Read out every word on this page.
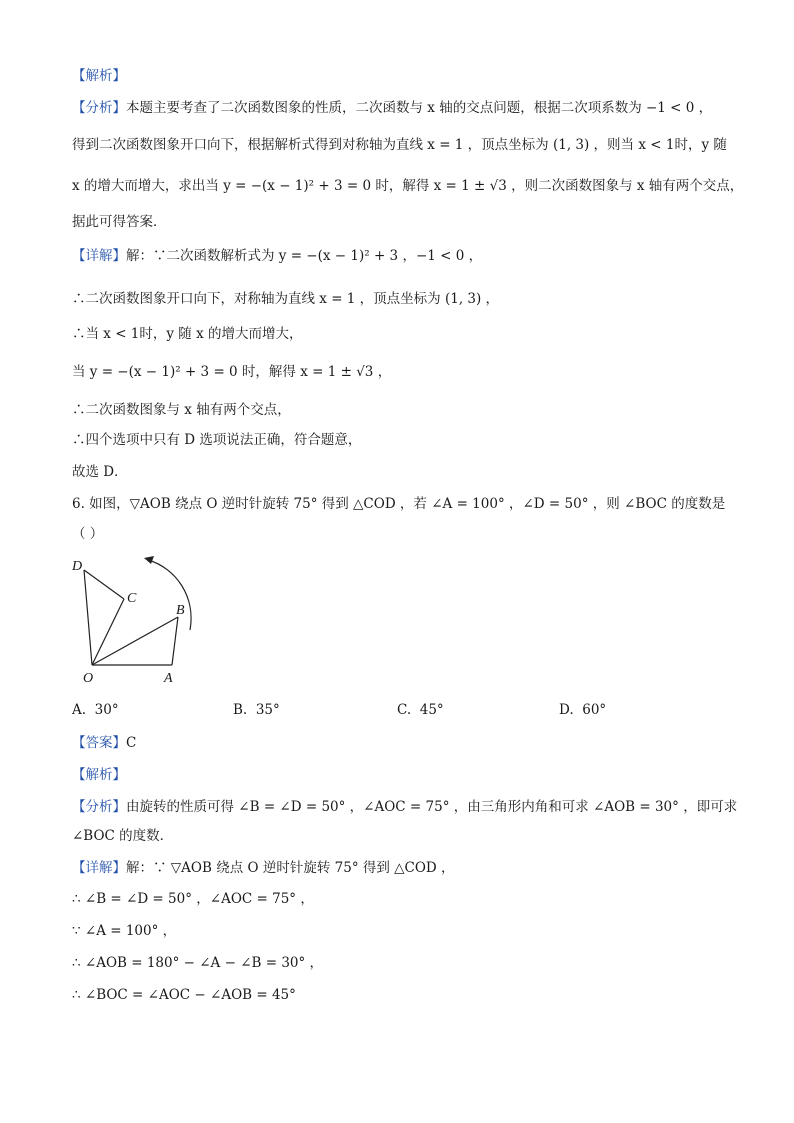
【解析】
【分析】本题主要考查了二次函数图象的性质，二次函数与 x 轴的交点问题，根据二次项系数为 −1 < 0 ，
得到二次函数图象开口向下，根据解析式得到对称轴为直线 x = 1 ，顶点坐标为 (1, 3) ，则当 x < 1时，y 随
x 的增大而增大，求出当 y = −(x − 1)² + 3 = 0 时，解得 x = 1 ± √3 ，则二次函数图象与 x 轴有两个交点，
据此可得答案．
【详解】解：∵二次函数解析式为 y = −(x − 1)² + 3 ，−1 < 0 ，
∴二次函数图象开口向下，对称轴为直线 x = 1 ，顶点坐标为 (1, 3) ，
∴当 x < 1时，y 随 x 的增大而增大，
当 y = −(x − 1)² + 3 = 0 时，解得 x = 1 ± √3 ，
∴二次函数图象与 x 轴有两个交点，
∴四个选项中只有 D 选项说法正确，符合题意，
故选 D．
6. 如图，▽AOB 绕点 O 逆时针旋转 75° 得到 △COD ，若 ∠A = 100° ，∠D = 50° ，则 ∠BOC 的度数是
（ ）
D
C
B
O	A
A. 30°	B. 35°	C. 45°	D. 60°
【答案】C
【解析】
【分析】由旋转的性质可得 ∠B = ∠D = 50° ，∠AOC = 75° ，由三角形内角和可求 ∠AOB = 30° ，即可求
∠BOC 的度数．
【详解】解：∵ ▽AOB 绕点 O 逆时针旋转 75° 得到 △COD ，
∴ ∠B = ∠D = 50° ，∠AOC = 75° ，
∵ ∠A = 100° ，
∴ ∠AOB = 180° − ∠A − ∠B = 30° ，
∴ ∠BOC = ∠AOC − ∠AOB = 45°
